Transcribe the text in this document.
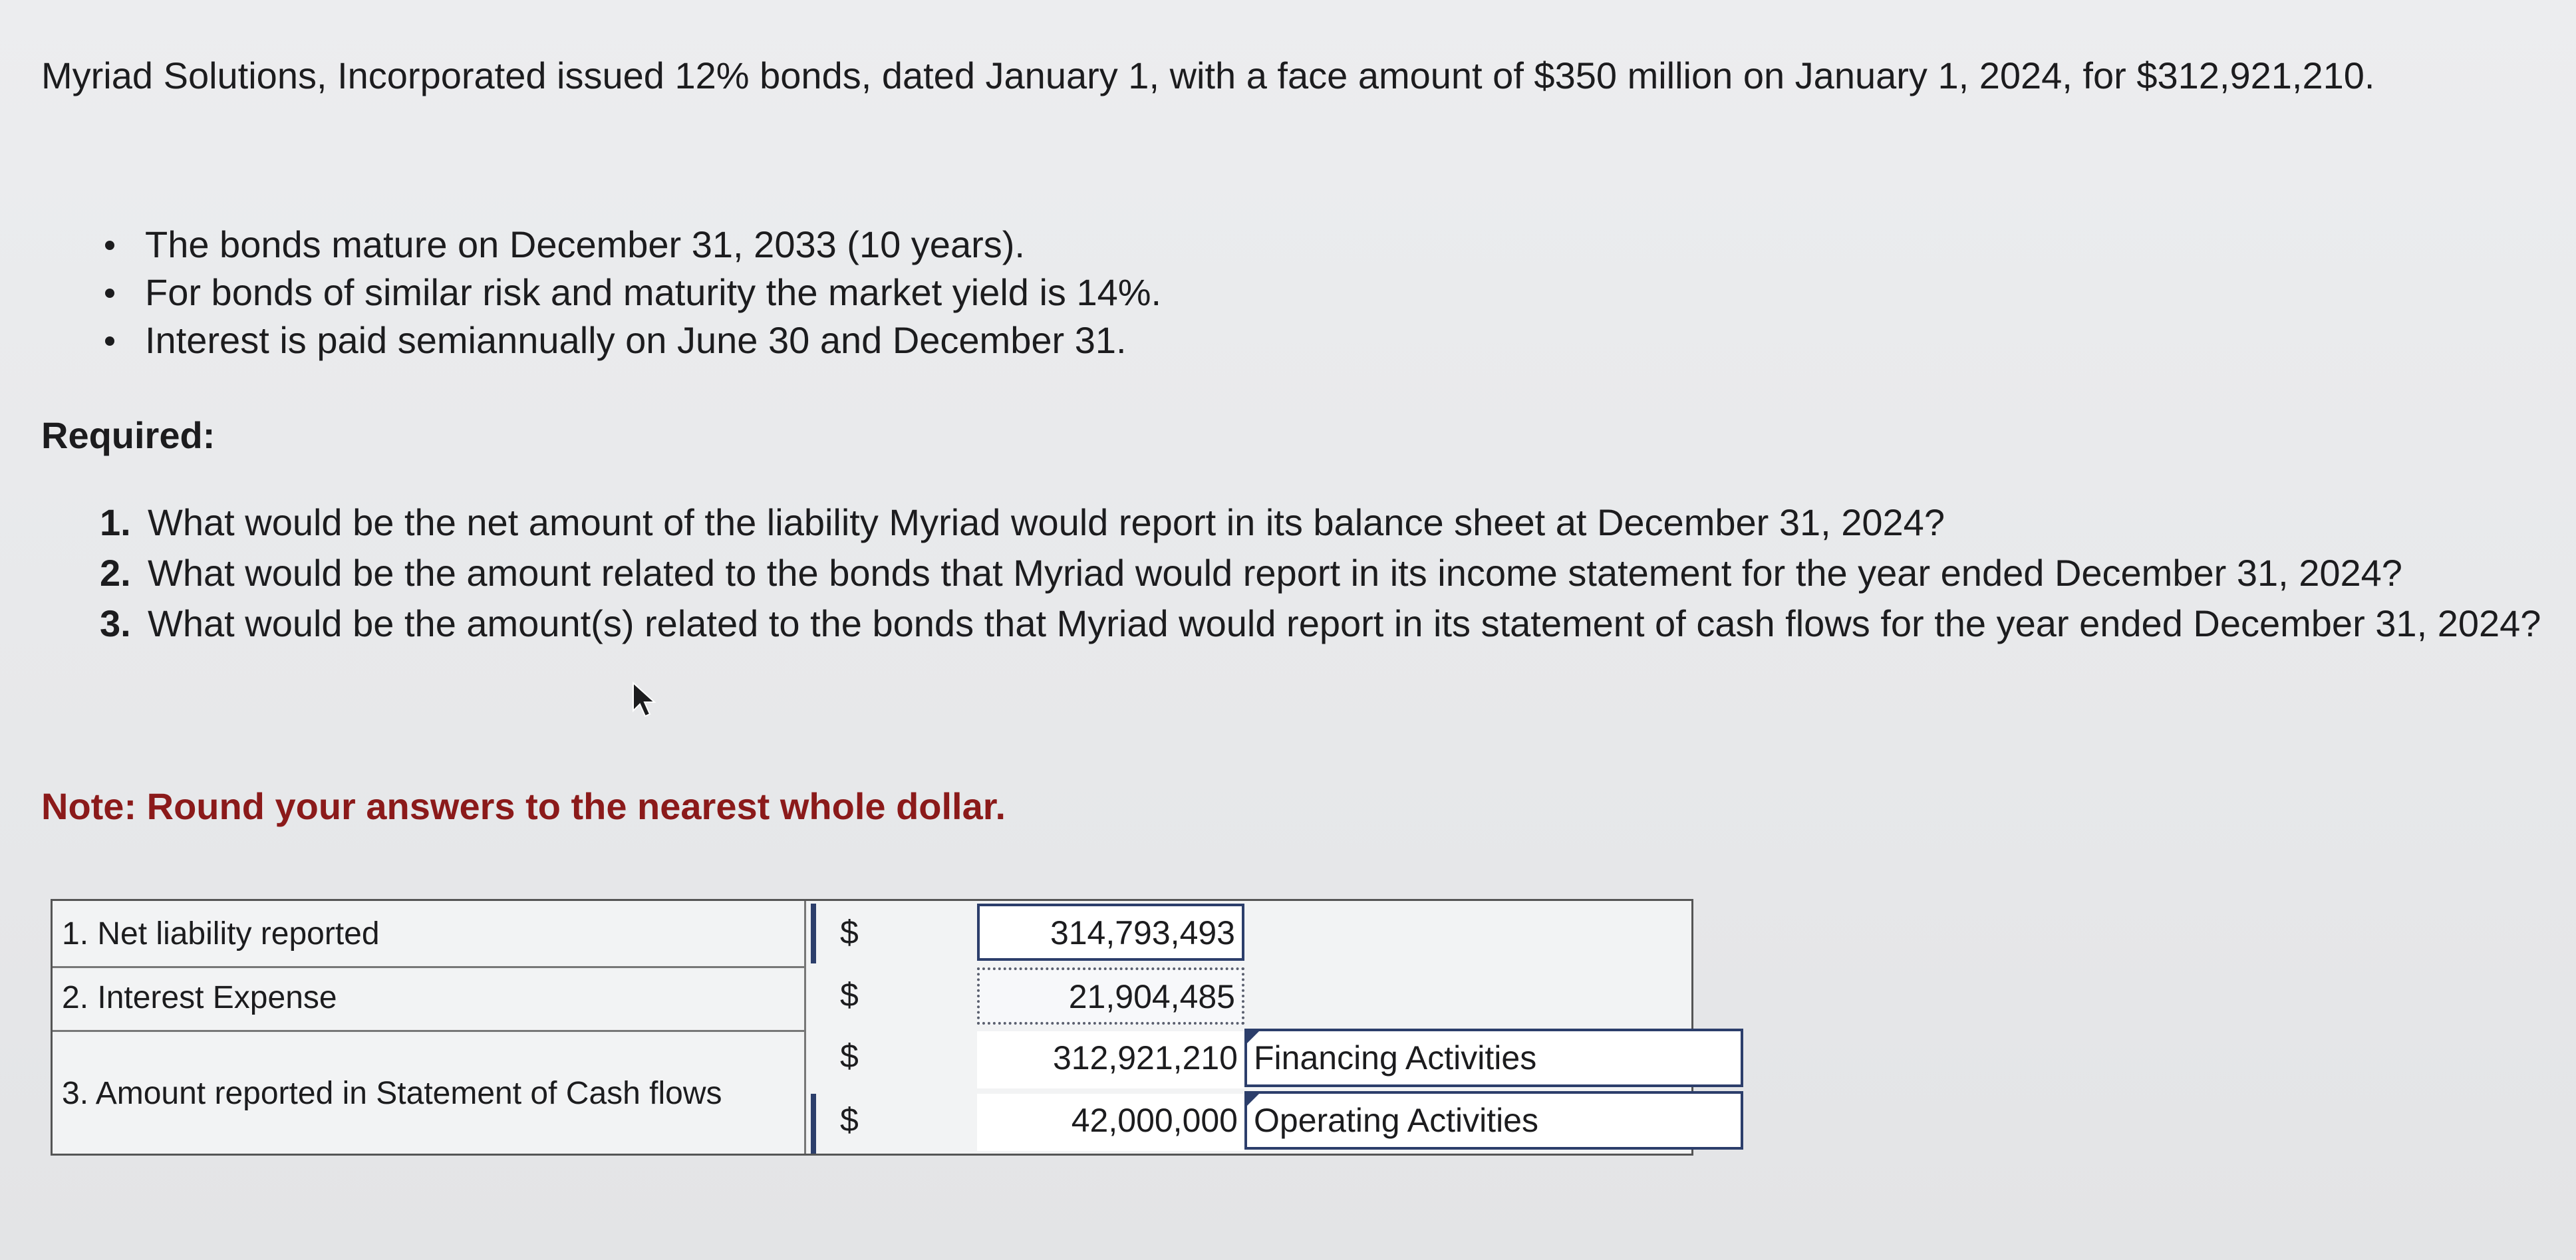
Myriad Solutions, Incorporated issued 12% bonds, dated January 1, with a face amount of $350 million on January 1, 2024, for $312,921,210.

The bonds mature on December 31, 2033 (10 years).
For bonds of similar risk and maturity the market yield is 14%.
Interest is paid semiannually on June 30 and December 31.

Required:

1. What would be the net amount of the liability Myriad would report in its balance sheet at December 31, 2024?
2. What would be the amount related to the bonds that Myriad would report in its income statement for the year ended December 31, 2024?
3. What would be the amount(s) related to the bonds that Myriad would report in its statement of cash flows for the year ended December 31, 2024?

Note: Round your answers to the nearest whole dollar.

1. Net liability reported	$	314,793,493
2. Interest Expense	$	21,904,485
3. Amount reported in Statement of Cash flows
$	312,921,210 Financing Activities
$	42,000,000 Operating Activities
